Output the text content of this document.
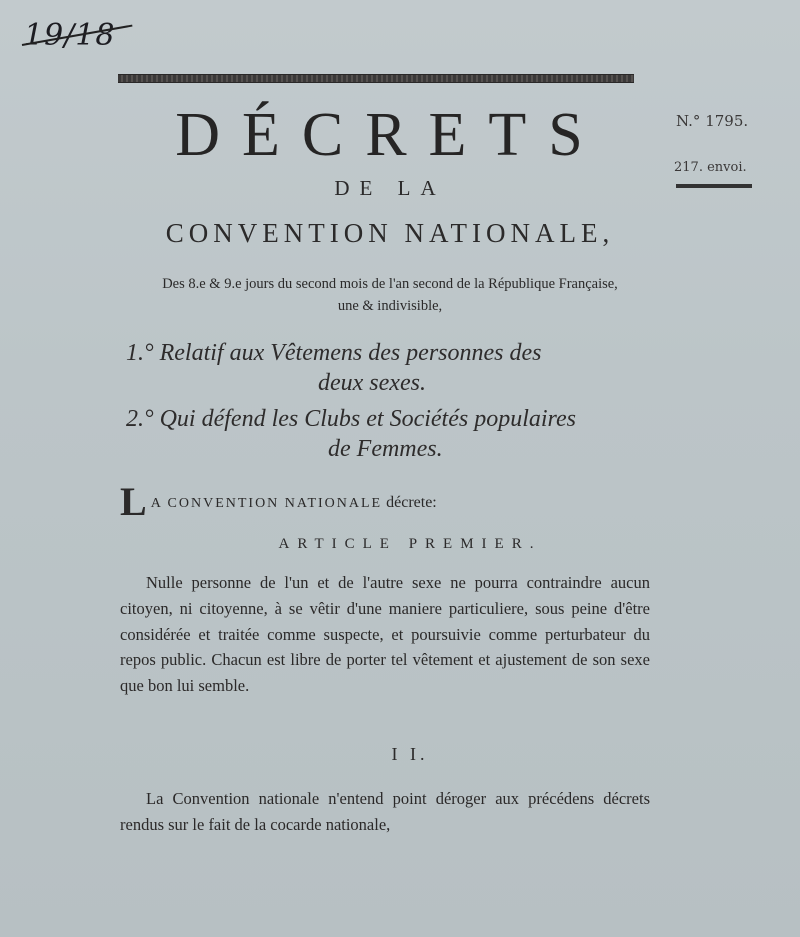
19/18
N.° 1795.
217. envoi.
DÉCRETS
DE LA
CONVENTION NATIONALE,
Des 8.e & 9.e jours du second mois de l'an second de la République Française,
une & indivisible,
1.° Relatif aux Vêtemens des personnes des
deux sexes.
2.° Qui défend les Clubs et Sociétés populaires
de Femmes.
L A CONVENTION NATIONALE décrete:
ARTICLE PREMIER.
Nulle personne de l'un et de l'autre sexe ne pourra contraindre aucun citoyen, ni citoyenne, à se vêtir d'une maniere particuliere, sous peine d'être considérée et traitée comme suspecte, et poursuivie comme perturbateur du repos public. Chacun est libre de porter tel vêtement et ajustement de son sexe que bon lui semble.
I I.
La Convention nationale n'entend point déroger aux précédens décrets rendus sur le fait de la cocarde nationale,
